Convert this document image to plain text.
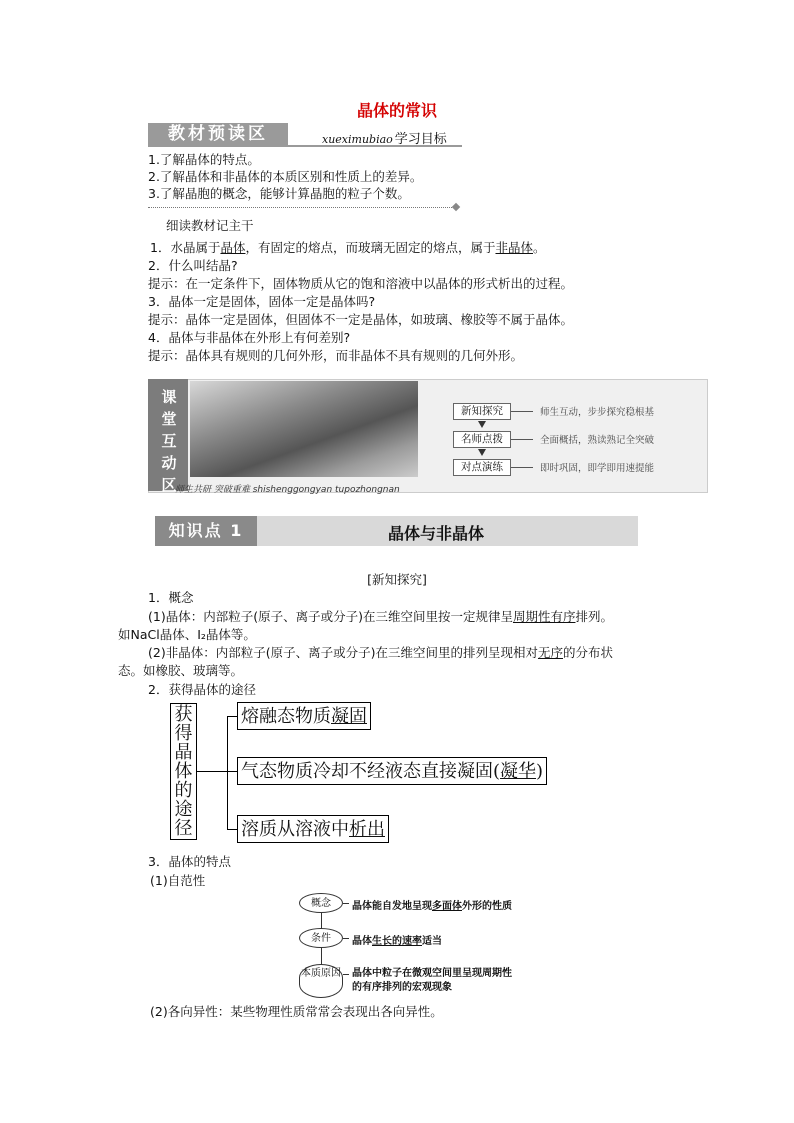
晶体的常识
教材预读区	xueximubiao 学习目标
1.了解晶体的特点。
2.了解晶体和非晶体的本质区别和性质上的差异。
3.了解晶胞的概念，能够计算晶胞的粒子个数。
细读教材记主干
1．水晶属于晶体，有固定的熔点，而玻璃无固定的熔点，属于非晶体。
2．什么叫结晶?
提示：在一定条件下，固体物质从它的饱和溶液中以晶体的形式析出的过程。
3．晶体一定是固体，固体一定是晶体吗?
提示：晶体一定是固体，但固体不一定是晶体，如玻璃、橡胶等不属于晶体。
4．晶体与非晶体在外形上有何差别?
提示：晶体具有规则的几何外形，而非晶体不具有规则的几何外形。
课
堂
互
动
区
师生共研 突破重难 shishenggongyan tupozhongnan
新知探究	师生互动，步步探究稳根基
名师点拨	全面概括，熟读熟记全突破
对点演练	即时巩固，即学即用速提能
知识点 1	晶体与非晶体
[新知探究]
1．概念
(1)晶体：内部粒子(原子、离子或分子)在三维空间里按一定规律呈周期性有序排列。
如NaCl晶体、I₂晶体等。
(2)非晶体：内部粒子(原子、离子或分子)在三维空间里的排列呈现相对无序的分布状
态。如橡胶、玻璃等。
2．获得晶体的途径
获
得
晶
体
的
途
径
熔融态物质凝固
气态物质冷却不经液态直接凝固(凝华)
溶质从溶液中析出
3．晶体的特点
(1)自范性
概念
条件
本质原因
晶体能自发地呈现多面体外形的性质
晶体生长的速率适当
晶体中粒子在微观空间里呈现周期性
的有序排列的宏观现象
(2)各向异性：某些物理性质常常会表现出各向异性。
